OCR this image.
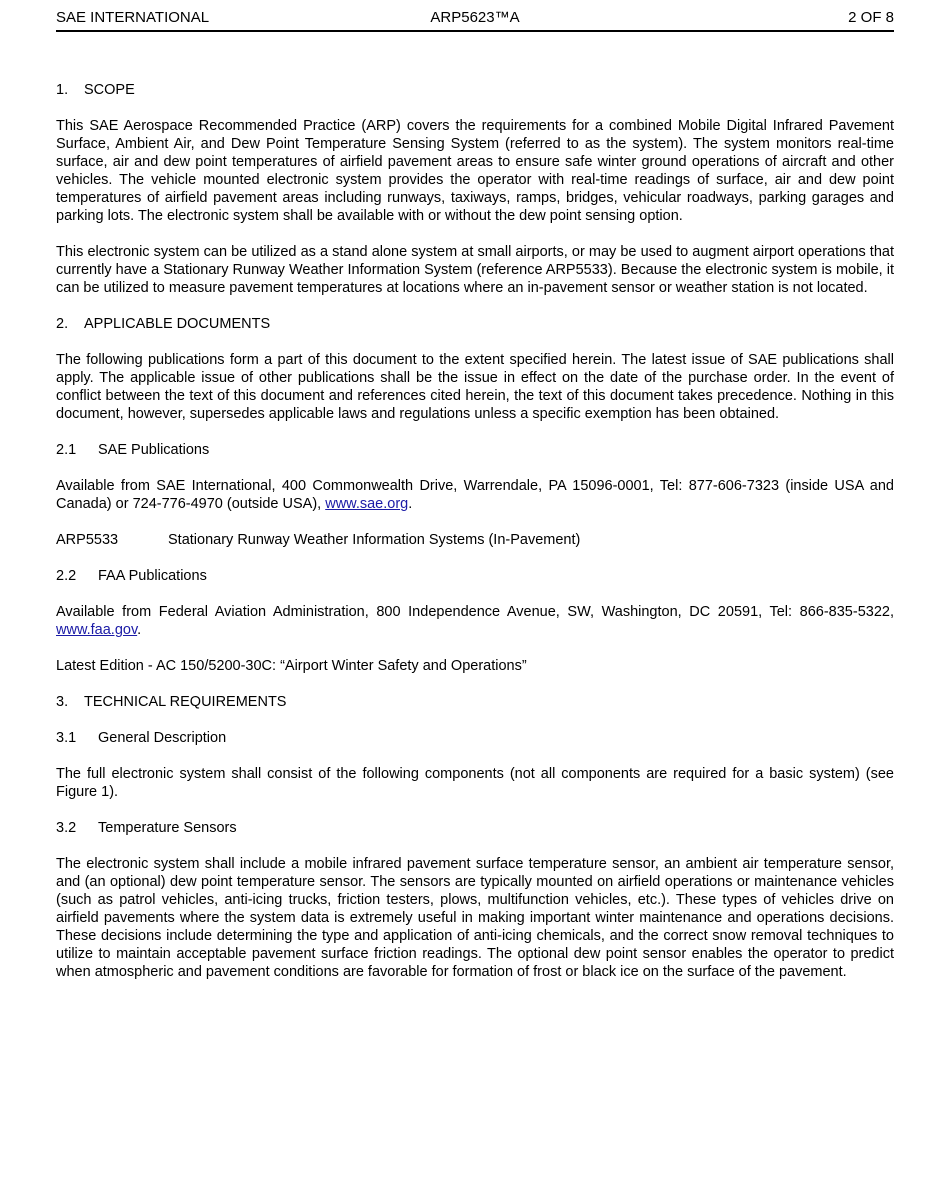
SAE INTERNATIONAL	ARP5623™A	2 OF 8
1. SCOPE

This SAE Aerospace Recommended Practice (ARP) covers the requirements for a combined Mobile Digital Infrared Pavement Surface, Ambient Air, and Dew Point Temperature Sensing System (referred to as the system). The system monitors real-time surface, air and dew point temperatures of airfield pavement areas to ensure safe winter ground operations of aircraft and other vehicles. The vehicle mounted electronic system provides the operator with real-time readings of surface, air and dew point temperatures of airfield pavement areas including runways, taxiways, ramps, bridges, vehicular roadways, parking garages and parking lots. The electronic system shall be available with or without the dew point sensing option.

This electronic system can be utilized as a stand alone system at small airports, or may be used to augment airport operations that currently have a Stationary Runway Weather Information System (reference ARP5533). Because the electronic system is mobile, it can be utilized to measure pavement temperatures at locations where an in-pavement sensor or weather station is not located.

2. APPLICABLE DOCUMENTS

The following publications form a part of this document to the extent specified herein. The latest issue of SAE publications shall apply. The applicable issue of other publications shall be the issue in effect on the date of the purchase order. In the event of conflict between the text of this document and references cited herein, the text of this document takes precedence. Nothing in this document, however, supersedes applicable laws and regulations unless a specific exemption has been obtained.

2.1 SAE Publications

Available from SAE International, 400 Commonwealth Drive, Warrendale, PA 15096-0001, Tel: 877-606-7323 (inside USA and Canada) or 724-776-4970 (outside USA), www.sae.org.

ARP5533	Stationary Runway Weather Information Systems (In-Pavement)
2.2 FAA Publications

Available from Federal Aviation Administration, 800 Independence Avenue, SW, Washington, DC 20591, Tel: 866-835-5322, www.faa.gov.

Latest Edition - AC 150/5200-30C: “Airport Winter Safety and Operations”

3. TECHNICAL REQUIREMENTS
3.1 General Description

The full electronic system shall consist of the following components (not all components are required for a basic system) (see Figure 1).

3.2 Temperature Sensors

The electronic system shall include a mobile infrared pavement surface temperature sensor, an ambient air temperature sensor, and (an optional) dew point temperature sensor. The sensors are typically mounted on airfield operations or maintenance vehicles (such as patrol vehicles, anti-icing trucks, friction testers, plows, multifunction vehicles, etc.). These types of vehicles drive on airfield pavements where the system data is extremely useful in making important winter maintenance and operations decisions. These decisions include determining the type and application of anti-icing chemicals, and the correct snow removal techniques to utilize to maintain acceptable pavement surface friction readings. The optional dew point sensor enables the operator to predict when atmospheric and pavement conditions are favorable for formation of frost or black ice on the surface of the pavement.
